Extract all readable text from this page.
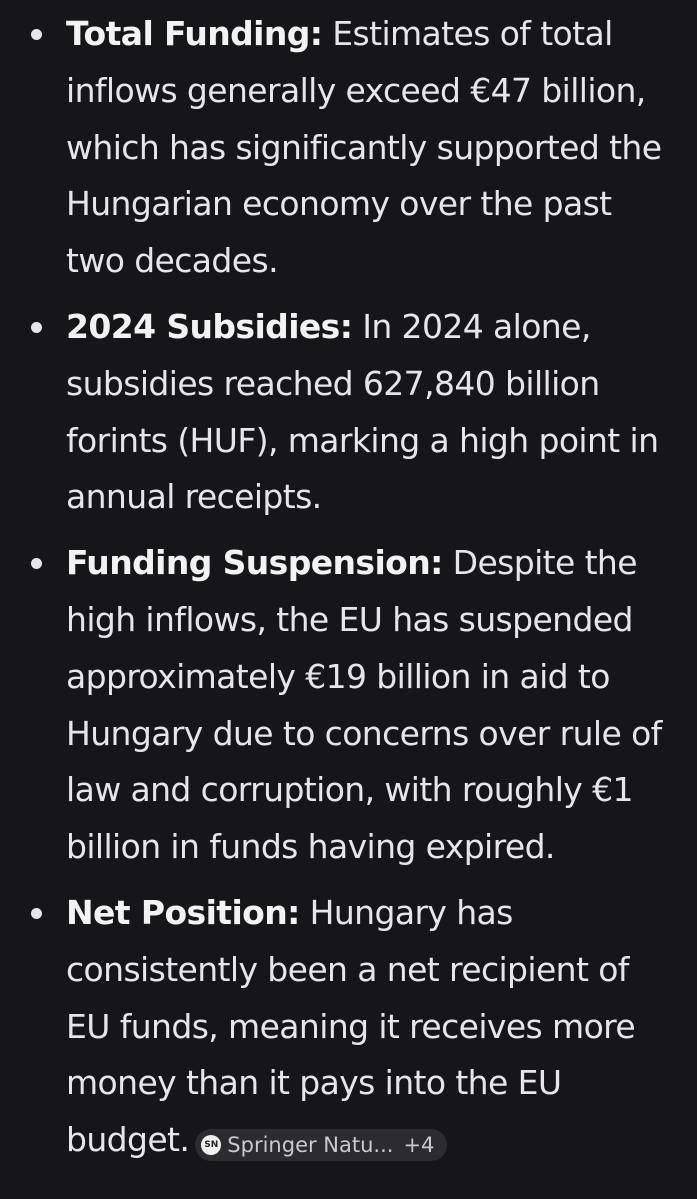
Total Funding: Estimates of total inflows generally exceed €47 billion, which has significantly supported the Hungarian economy over the past two decades.
2024 Subsidies: In 2024 alone, subsidies reached 627,840 billion forints (HUF), marking a high point in annual receipts.
Funding Suspension: Despite the high inflows, the EU has suspended approximately €19 billion in aid to Hungary due to concerns over rule of law and corruption, with roughly €1 billion in funds having expired.
Net Position: Hungary has consistently been a net recipient of EU funds, meaning it receives more money than it pays into the EU budget.	SN Springer Natu... +4
